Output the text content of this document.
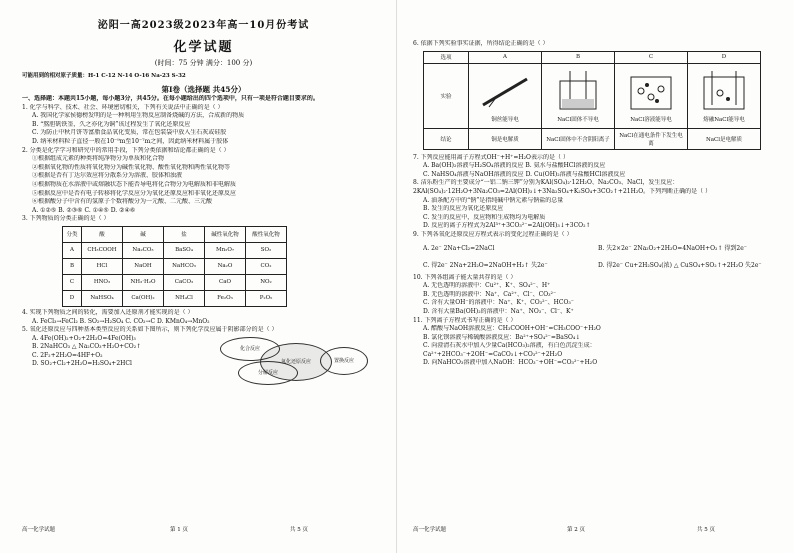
泌阳一高2023级2023年高一10月份考试
化学试题
(时间：75 分钟 满分：100 分)
可能用到的相对原子质量：H-1 C-12 N-14 O-16 Na-23 S-32
第Ⅰ卷（选择题 共45分）
一、选择题：本题共15小题，每小题3分，共45分。在每小题给出的四个选项中，只有一项是符合题目要求的。
1. 化学与科学、技术、社会、环境密切相关，下列有关说法中正确的是（ ）
A. 我国化学家侯德榜发明的是一种利用生物反应制备烧碱的方法，合成新的物质
B. “熬胆矾铁釜，久之亦化为铜”该过程发生了氧化还原反应
C. 为防止中秋月饼等富脂食品氧化变质，常在包装袋中放入生石灰或硅胶
D. 纳米材料粒子直径一般在10⁻⁹m至10⁻⁷m之间，因此纳米材料属于胶体
2. 分类是化学学习和研究中的常用手段，下列分类依据和结论都正确的是（ ）
①根据组成元素的种类将纯净物分为单质和化合物
②根据氧化物的性质将氧化物分为碱性氧化物、酸性氧化物和两性氧化物等
③根据是否有丁达尔效应将分散系分为溶液、胶体和浊液
④根据物质在水溶液中或熔融状态下能否导电将化合物分为电解质和非电解质
⑤根据反应中是否有电子转移将化学反应分为氧化还原反应和非氧化还原反应
⑥根据酸分子中含有的氢原子个数将酸分为一元酸、二元酸、三元酸
A. ①②⑤ B. ②③⑥ C. ①④⑤ D. ②④⑥
3. 下列物质的分类正确的是（ ）
分类	酸	碱	盐	碱性氧化物	酸性氧化物
A	CH₃COOH	Na₂CO₃	BaSO₄	Mn₂O₇	SO₂
B	HCl	NaOH	NaHCO₃	Na₂O	CO₂
C	HNO₃	NH₃·H₂O	CaCO₃	CaO	NO₂
D	NaHSO₄	Ca(OH)₂	NH₄Cl	Fe₂O₃	P₂O₅
4. 实现下列物质之间的转化，需要加入还原剂才能实现的是（ ）
A. FeCl₃→FeCl₂ B. SO₂→H₂SO₄ C. CO₂→C D. KMnO₄→MnO₂
5. 氧化还原反应与四种基本类型反应的关系如下图所示，则下列化学反应属于阴影部分的是（ ）
A. 4Fe(OH)₂+O₂+2H₂O=4Fe(OH)₃
B. 2NaHCO₃ △ Na₂CO₃+H₂O+CO₂↑
C. 2F₂+2H₂O=4HF+O₂
D. SO₂+Cl₂+2H₂O=H₂SO₄+2HCl
化合反应
分解反应
氧化还原反应	置换反应
高一化学试题	第 1 页	共 5 页
6. 依据下列实验事实证据，所得结论正确的是（ ）
选项	A	B	C	D
实验	铜丝能导电	NaCl固体不导电	NaCl溶液能导电	熔融NaCl能导电

结论	铜是电解质	NaCl固体中不含阴阳离子	NaCl在通电条件下发生电离	NaCl是电解质
7. 下列反应能用离子方程式OH⁻+H⁺=H₂O表示的是（ ）
A. Ba(OH)₂溶液与H₂SO₄溶液的反应 B. 氨水与盐酸HCl溶液的反应
C. NaHSO₄溶液与NaOH溶液的反应 D. Cu(OH)₂溶液与盐酸HCl溶液反应
8. 洁乐粉生产的主要成分“一铝二钠三钾”分别为KAl(SO₄)₂·12H₂O、Na₂CO₃、NaCl，发生反应：
2KAl(SO₄)₂·12H₂O+3Na₂CO₃=2Al(OH)₃↓+3Na₂SO₄+K₂SO₄+3CO₂↑+21H₂O。下列判断正确的是（ ）
A. 油条配方中的“钠”是指纯碱中钠元素与钠盐的总量
B. 发生的反应为氧化还原反应
C. 发生的反应中，反应物和生成物均为电解质
D. 反应的离子方程式为2Al³⁺+3CO₃²⁻=2Al(OH)₃↓+3CO₂↑
9. 下列各氧化还原反应方程式表示的变化过程正确的是（ ）
A. 2e⁻ 2Na+Cl₂=2NaCl	B. 失2×2e⁻ 2Na₂O₂+2H₂O=4NaOH+O₂↑ 得到2e⁻
C. 得2e⁻ 2Na+2H₂O=2NaOH+H₂↑ 失2e⁻	D. 得2e⁻ Cu+2H₂SO₄(浓) △ CuSO₄+SO₂↑+2H₂O 失2e⁻
10. 下列各组离子能大量共存的是（ ）
A. 无色透明的溶液中：Cu²⁺、K⁺、SO₄²⁻、H⁺
B. 无色透明的溶液中：Na⁺、Ca²⁺、Cl⁻、CO₃²⁻
C. 含有大量OH⁻的溶液中：Na⁺、K⁺、CO₃²⁻、HCO₃⁻
D. 含有大量Ba(OH)₂的溶液中：Na⁺、NO₃⁻、Cl⁻、K⁺
11. 下列离子方程式书写正确的是（ ）
A. 醋酸与NaOH溶液反应：CH₃COOH+OH⁻=CH₃COO⁻+H₂O
B. 氯化钡溶液与稀硫酸溶液反应：Ba²⁺+SO₄²⁻=BaSO₄↓
C. 向澄清石灰水中加入少量Ca(HCO₃)₂溶液，有白色沉淀生成：
Ca²⁺+2HCO₃⁻+2OH⁻=CaCO₃↓+CO₃²⁻+2H₂O
D. 向NaHCO₃溶液中加入NaOH：HCO₃⁻+OH⁻=CO₃²⁻+H₂O
高一化学试题	第 2 页	共 5 页
